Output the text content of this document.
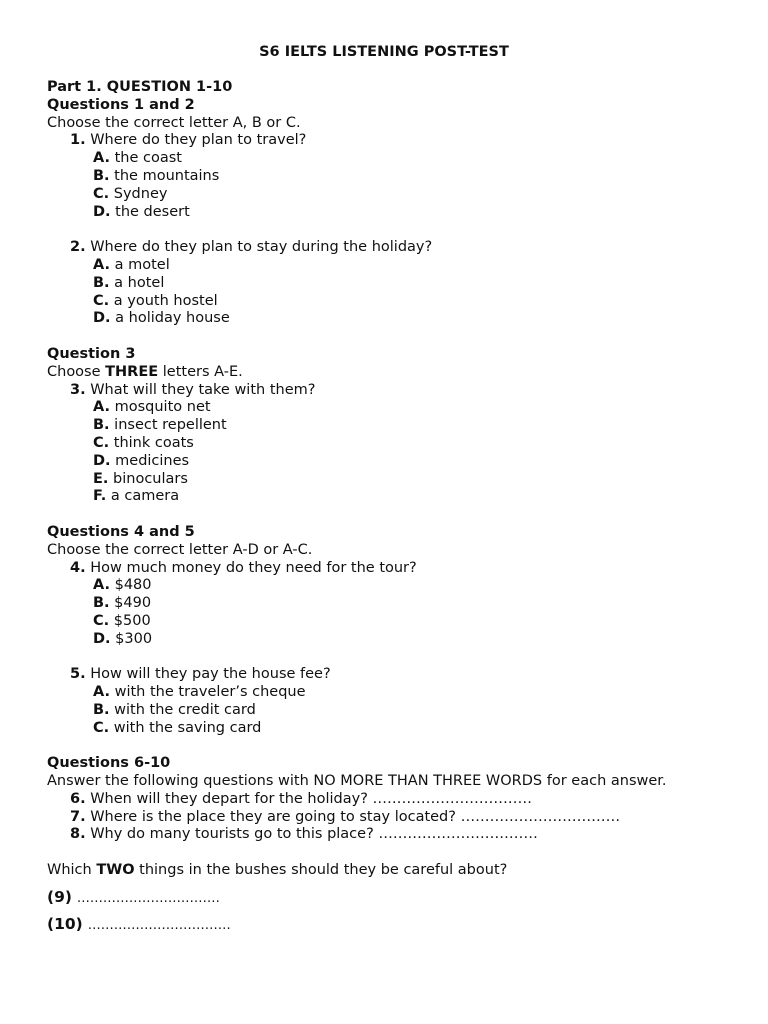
S6 IELTS LISTENING POST-TEST
Part 1. QUESTION 1-10
Questions 1 and 2
Choose the correct letter A, B or C.
1. Where do they plan to travel?
A. the coast
B. the mountains
C. Sydney
D. the desert
2. Where do they plan to stay during the holiday?
A. a motel
B. a hotel
C. a youth hostel
D. a holiday house
Question 3
Choose THREE letters A-E.
3. What will they take with them?
A. mosquito net
B. insect repellent
C. think coats
D. medicines
E. binoculars
F. a camera
Questions 4 and 5
Choose the correct letter A-D or A-C.
4. How much money do they need for the tour?
A. $480
B. $490
C. $500
D. $300
5. How will they pay the house fee?
A. with the traveler’s cheque
B. with the credit card
C. with the saving card
Questions 6-10
Answer the following questions with NO MORE THAN THREE WORDS for each answer.
6. When will they depart for the holiday? ……………………………
7. Where is the place they are going to stay located? ……………………………
8. Why do many tourists go to this place? ……………………………
Which TWO things in the bushes should they be careful about?
(9) ……………………………
(10) ……………………………
